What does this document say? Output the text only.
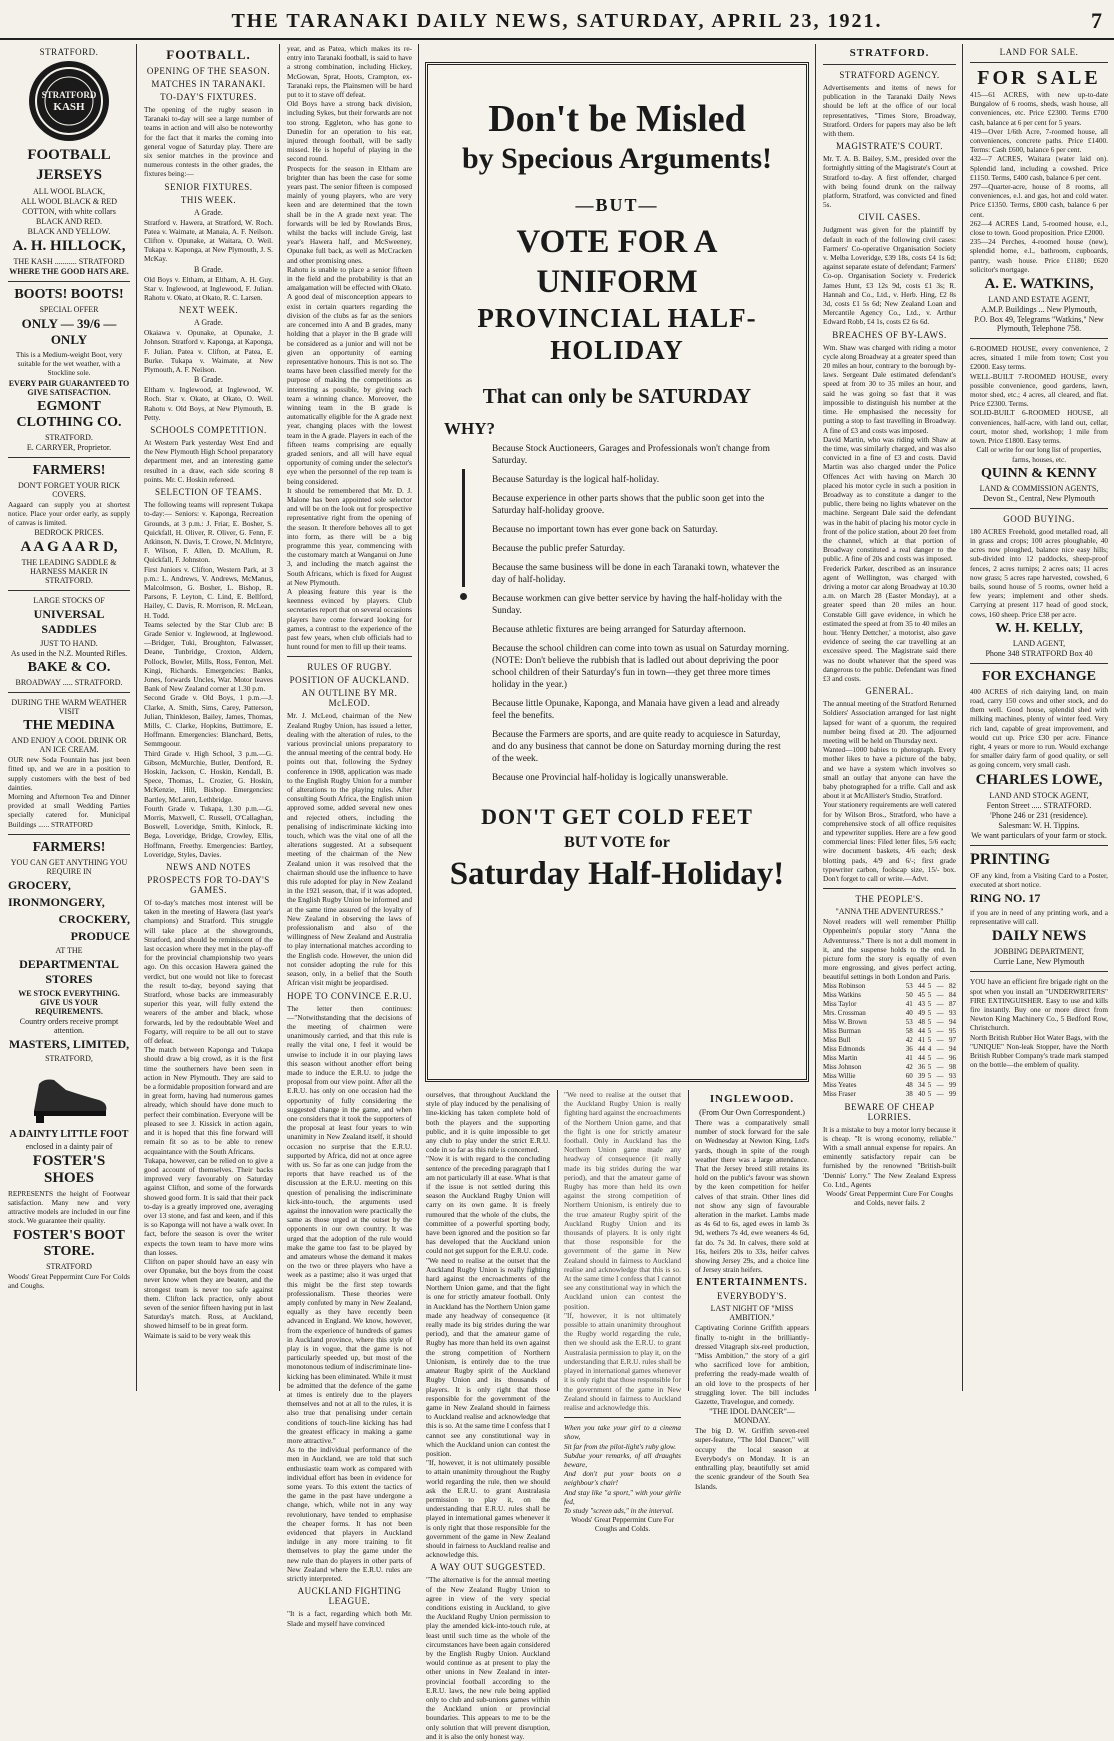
THE TARANAKI DAILY NEWS, SATURDAY, APRIL 23, 1921.	7
STRATFORD.
STRATFORD
KASH
FOOTBALL JERSEYS
ALL WOOL BLACK,
ALL WOOL BLACK & RED
COTTON, with white collars
BLACK AND RED.
BLACK AND YELLOW.
A. H. HILLOCK,
THE KASH ........... STRATFORD
WHERE THE GOOD HATS ARE.
BOOTS! BOOTS!
SPECIAL OFFER
ONLY — 39/6 — ONLY
This is a Medium-weight Boot, very suitable for the wet weather, with a Stockline sole.
EVERY PAIR GUARANTEED TO GIVE SATISFACTION.
EGMONT CLOTHING CO.
STRATFORD.
E. CARRYER, Proprietor.
FARMERS!
DON'T FORGET YOUR RICK COVERS.
Aagaard can supply you at shortest notice. Place your order early, as supply of canvas is limited.
BEDROCK PRICES.
A A G A A R D,
THE LEADING SADDLE & HARNESS MAKER IN STRATFORD.
LARGE STOCKS OF
UNIVERSAL SADDLES
JUST TO HAND.
As used in the N.Z. Mounted Rifles.
BAKE & CO.
BROADWAY ..... STRATFORD.
DURING THE WARM WEATHER VISIT
THE MEDINA
AND ENJOY A COOL DRINK OR AN ICE CREAM.
OUR new Soda Fountain has just been fitted up, and we are in a position to supply customers with the best of bed dainties.
Morning and Afternoon Tea and Dinner provided at small Wedding Parties specially catered for. Municipal Buildings ...... STRATFORD
FARMERS!
YOU CAN GET ANYTHING YOU REQUIRE IN
GROCERY,
IRONMONGERY,
CROCKERY,
PRODUCE
AT THE
DEPARTMENTAL STORES
WE STOCK EVERYTHING. GIVE US YOUR REQUIREMENTS.
Country orders receive prompt attention.
MASTERS, LIMITED,
STRATFORD,
A DAINTY LITTLE FOOT
enclosed in a dainty pair of
FOSTER'S SHOES
REPRESENTS the height of Footwear satisfaction. Many new and very attractive models are included in our fine stock. We guarantee their quality.
FOSTER'S BOOT STORE.
STRATFORD
Woods' Great Peppermint Cure For Colds and Coughs.
FOOTBALL.
OPENING OF THE SEASON.
MATCHES IN TARANAKI.
TO-DAY'S FIXTURES.
The opening of the rugby season in Taranaki to-day will see a large number of teams in action and will also be noteworthy for the fact that it marks the coming into general vogue of Saturday play. There are six senior matches in the province and numerous contests in the other grades, the fixtures being:—
SENIOR FIXTURES.
THIS WEEK.
A Grade.
Stratford v. Hawera, at Stratford, W. Roch. Patea v. Waimate, at Manaia, A. F. Neilson. Clifton v. Opunake, at Waitara, O. Weil. Tukapa v. Kaponga, at New Plymouth, J. S. McKay.
B Grade.
Old Boys v. Eltham, at Eltham, A. H. Guy. Star v. Inglewood, at Inglewood, F. Julian. Rahotu v. Okato, at Okato, R. C. Larsen.
NEXT WEEK.
A Grade.
Okaiawa v. Opunake, at Opunake, J. Johnson. Stratford v. Kaponga, at Kaponga, F. Julian. Patea v. Clifton, at Patea, E. Burke. Tukapa v. Waimate, at New Plymouth, A. F. Neilson.
B Grade.
Eltham v. Inglewood, at Inglewood, W. Roch. Star v. Okato, at Okato, O. Weil. Rahotu v. Old Boys, at New Plymouth, B. Petty.
SCHOOLS COMPETITION.
At Western Park yesterday West End and the New Plymouth High School preparatory department met, and an interesting game resulted in a draw, each side scoring 8 points. Mr. C. Hoskin refereed.
SELECTION OF TEAMS.
The following teams will represent Tukapa to-day:— Seniors: v. Kaponga, Recreation Grounds, at 3 p.m.: J. Friar, E. Bosher, S. Quickfall, H. Oliver, R. Oliver, G. Fenn, F. Atkinson, N. Davis, T. Crowe, N. McIntyre, F. Wilson, F. Allen, D. McAllum, R. Quickfall, F. Johnston.
First Juniors v. Clifton, Western Park, at 3 p.m.: L. Andrews, V. Andrews, McManus, Malcolmson, G. Bosher, L. Bishop, R. Parsons, F. Leyton, C. Lind, E. Bellford, Hailey, C. Davis, R. Morrison, R. McLean, H. Todd.
Teams selected by the Star Club are: B Grade Senior v. Inglewood, at Inglewood.—Bridger, Tuki, Broughton, Falwasser, Deane, Tunbridge, Croxton, Aldern, Pollock, Bowler, Mills, Ross, Fenton, Mel. Kingi, Richards. Emergencies: Banks, Jones, forwards Uncles, War. Motor leaves Bank of New Zealand corner at 1.30 p.m.
Second Grade v. Old Boys, 1 p.m.—J. Clarke, A. Smith, Sims, Carey, Patterson, Julian, Thinkleson, Bailey, James, Thomas, Mills, C. Clarke, Hopkins, Buttimore, E. Hoffmann. Emergencies: Blanchard, Betts, Semmgoour.
Third Grade v. High School, 3 p.m.—G. Gibson, McMurchie, Butler, Dentford, R. Hoskin, Jackson, C. Hoskin, Kendall, B. Spece, Thomas, L. Crozier, G. Hoskin, McKenzie, Hill, Bishop. Emergencies: Bartley, McLaren, Lethbridge.
Fourth Grade v. Tukapa, 1.30 p.m.—G. Morris, Maxwell, C. Russell, O'Callaghan, Boswell, Loveridge, Smith, Kinlock, R. Bega, Loveridge, Bridge, Crowley, Ellis, Hoffmann, Freethy. Emergencies: Bartley, Loveridge, Styles, Davies.
NEWS AND NOTES
PROSPECTS FOR TO-DAY'S GAMES.
Of to-day's matches most interest will be taken in the meeting of Hawera (last year's champions) and Stratford. This struggle will take place at the showgrounds, Stratford, and should be reminiscent of the last occasion where they met in the play-off for the provincial championship two years ago. On this occasion Hawera gained the verdict, but one would not like to forecast the result to-day, beyond saying that Stratford, whose backs are immeasurably superior this year, will fully extend the wearers of the amber and black, whose forwards, led by the redoubtable Weel and Fogarty, will require to be all out to stave off defeat.
The match between Kaponga and Tukapa should draw a big crowd, as it is the first time the southerners have been seen in action in New Plymouth. They are said to be a formidable proposition forward and are in great form, having had numerous games already, which should have done much to perfect their combination. Everyone will be pleased to see J. Kissick in action again, and it is hoped that this fine forward will remain fit so as to be able to renew acquaintance with the South Africans.
Tukapa, however, can be relied on to give a good account of themselves. Their backs improved very favourably on Saturday against Clifton, and some of the forwards showed good form. It is said that their pack to-day is a greatly improved one, averaging over 13 stone, and fast and keen, and if this is so Kaponga will not have a walk over. In fact, before the season is over the writer expects the town team to have more wins than losses.
Clifton on paper should have an easy win over Opunake, but the boys from the coast never know when they are beaten, and the strongest team is never too safe against them. Clifton lack practice, only about seven of the senior fifteen having put in last Saturday's match. Ross, at Auckland, showed himself to be in great form.
Waimate is said to be very weak this
year, and as Patea, which makes its re-entry into Taranaki football, is said to have a strong combination, including Hickey, McGowan, Sprat, Hoots, Crampton, ex-Taranaki reps, the Plainsmen will be hard put to it to stave off defeat.
Old Boys have a strong back division, including Sykes, but their forwards are not too strong. Eggleton, who has gone to Dunedin for an operation to his ear, injured through football, will be sadly missed. He is hopeful of playing in the second round.
Prospects for the season in Eltham are brighter than has been the case for some years past. The senior fifteen is composed mainly of young players, who are very keen and are determined that the town shall be in the A grade next year. The forwards will be led by Rowlands Bros, whilst the backs will include Greig, last year's Hawera half, and McSweeney, Opunake full back, as well as McCracken and other promising ones.
Rahotu is unable to place a senior fifteen in the field and the probability is that an amalgamation will be effected with Okato.
A good deal of misconception appears to exist in certain quarters regarding the division of the clubs as far as the seniors are concerned into A and B grades, many holding that a player in the B grade will be considered as a junior and will not be given an opportunity of earning representative honours. This is not so. The teams have been classified merely for the purpose of making the competitions as interesting as possible, by giving each team a winning chance. Moreover, the winning team in the B grade is automatically eligible for the A grade next year, changing places with the lowest team in the A grade. Players in each of the fifteen teams comprising are equally graded seniors, and all will have equal opportunity of coming under the selector's eye when the personnel of the rep team is being considered.
It should be remembered that Mr. D. J. Malone has been appointed sole selector and will be on the look out for prospective representative right from the opening of the season. It therefore behoves all to get into form, as there will be a big programme this year, commencing with the customary match at Wanganui on June 3, and including the match against the South Africans, which is fixed for August at New Plymouth.
A pleasing feature this year is the keenness evinced by players. Club secretaries report that on several occasions players have come forward looking for games, a contrast to the experience of the past few years, when club officials had to hunt round for men to fill up their teams.
RULES OF RUGBY.
POSITION OF AUCKLAND.
AN OUTLINE BY MR. McLEOD.
Mr. J. McLeod, chairman of the New Zealand Rugby Union, has issued a letter, dealing with the alteration of rules, to the various provincial unions preparatory to the annual meeting of the central body. He points out that, following the Sydney conference in 1908, application was made to the English Rugby Union for a number of alterations to the playing rules. After consulting South Africa, the English union approved some, added several new ones and rejected others, including the penalising of indiscriminate kicking into touch, which was the vital one of all the alterations suggested. At a subsequent meeting of the chairman of the New Zealand union it was resolved that the chairman should use the influence to have this rule adopted for play in New Zealand in the 1921 season, that, if it was adopted, the English Rugby Union be informed and at the same time assured of the loyalty of New Zealand in observing the laws of professionalism and also of the willingness of New Zealand and Australia to play international matches according to the English code. However, the union did not consider adopting the rule for this season, only, in a belief that the South African visit might be jeopardised.
HOPE TO CONVINCE E.R.U.
The letter then continues:—"Notwithstanding that the decisions of the meeting of chairmen were unanimously carried, and that this rule is really the vital one, I feel it would be unwise to include it in our playing laws this season without another effort being made to induce the E.R.U. to judge the proposal from our view point. After all the E.R.U. has only on one occasion had the opportunity of fully considering the suggested change in the game, and when one considers that it took the supporters of the proposal at least four years to win unanimity in New Zealand itself, it should occasion no surprise that the E.R.U. supported by Africa, did not at once agree with us. So far as one can judge from the reports that have reached us of the discussion at the E.R.U. meeting on this question of penalising the indiscriminate kick-into-touch, the arguments used against the innovation were practically the same as those urged at the outset by the opponents in our own country. It was urged that the adoption of the rule would make the game too fast to be played by and amateurs whose the demand it makes on the two or three players who have a week as a pastime; also it was urged that this might be the first step towards professionalism. These theories were amply confuted by many in New Zealand, equally as they have recently been advanced in England. We know, however, from the experience of hundreds of games in Auckland province, where this style of play is in vogue, that the game is not particularly speeded up, but most of the monotonous tedium of indiscriminate line-kicking has been eliminated. While it must be admitted that the defence of the game at times is entirely due to the players themselves and not at all to the rules, it is also true that penalising under certain conditions of touch-line kicking has had the greatest efficacy in making a game more attractive."
As to the individual performance of the men in Auckland, we are told that such enthusiastic team work as compared with individual effort has been in evidence for some years. To this extent the tactics of the game in the past have undergone a change, which, while not in any way revolutionary, have tended to emphasise the cheaper forms. It has not been evidenced that players in Auckland indulge in any more training to fit themselves to play the game under the new rule than do players in other parts of New Zealand where the E.R.U. rules are strictly interpreted.
AUCKLAND FIGHTING LEAGUE.
"It is a fact, regarding which both Mr. Slade and myself have convinced
Don't be Misled
by Specious Arguments!
—BUT—
VOTE FOR A UNIFORM
PROVINCIAL HALF-HOLIDAY
That can only be SATURDAY
WHY?
Because Stock Auctioneers, Garages and Professionals won't change from Saturday.
Because Saturday is the logical half-holiday.
Because experience in other parts shows that the public soon get into the Saturday half-holiday groove.
Because no important town has ever gone back on Saturday.
Because the public prefer Saturday.
Because the same business will be done in each Taranaki town, whatever the day of half-holiday.
Because workmen can give better service by having the half-holiday with the Sunday.
Because athletic fixtures are being arranged for Saturday afternoon.
Because the school children can come into town as usual on Saturday morning. (NOTE: Don't believe the rubbish that is ladled out about depriving the poor school children of their Saturday's fun in town—they get three more times holiday in the year.)
Because little Opunake, Kaponga, and Manaia have given a lead and already feel the benefits.
Because the Farmers are sports, and are quite ready to acquiesce in Saturday, and do any business that cannot be done on Saturday morning during the rest of the week.
Because one Provincial half-holiday is logically unanswerable.
DON'T GET COLD FEET
BUT VOTE for
Saturday Half-Holiday!
ourselves, that throughout Auckland the style of play induced by the penalising of line-kicking has taken complete hold of both the players and the supporting public, and it is quite impossible to get any club to play under the strict E.R.U. code in so far as this rule is concerned.
"Now it is with regard to the concluding sentence of the preceding paragraph that I am not particularly ill at ease. What is that if the issue is not settled during this season the Auckland Rugby Union will carry on its own game. It is freely rumoured that the whole of the clubs, the committee of a powerful sporting body, have been ignored and the position so far has developed that the Auckland union could not get support for the E.R.U. code.
"We need to realise at the outset that the Auckland Rugby Union is really fighting hard against the encroachments of the Northern Union game, and that the fight is one for strictly amateur football. Only in Auckland has the Northern Union game made any headway of consequence (it really made its big strides during the war period), and that the amateur game of Rugby has more than held its own against the strong competition of Northern Unionism, is entirely due to the true amateur Rugby spirit of the Auckland Rugby Union and its thousands of players. It is only right that those responsible for the government of the game in New Zealand should in fairness to Auckland realise and acknowledge that this is so. At the same time I confess that I cannot see any constitutional way in which the Auckland union can contest the position.
"If, however, it is not ultimately possible to attain unanimity throughout the Rugby world regarding the rule, then we should ask the E.R.U. to grant Australasia permission to play it, on the understanding that E.R.U. rules shall be played in international games whenever it is only right that those responsible for the government of the game in New Zealand should in fairness to Auckland realise and acknowledge this.
A WAY OUT SUGGESTED.
"The alternative is for the annual meeting of the New Zealand Rugby Union to agree in view of the very special conditions existing in Auckland, to give the Auckland Rugby Union permission to play the amended kick-into-touch rule, at least until such time as the whole of the circumstances have been again considered by the English Rugby Union. Auckland would continue as at present to play the other unions in New Zealand in inter-provincial football according to the E.R.U. laws, the new rule being applied only to club and sub-unions games within the Auckland union or provincial boundaries. This appears to me to be the only solution that will prevent disruption, and it is also the only honest way.
"We need to realise at the outset that the Auckland Rugby Union is really fighting hard against the encroachments of the Northern Union game, and that the fight is one for strictly amateur football. Only in Auckland has the Northern Union game made any headway of consequence (it really made its big strides during the war period), and that the amateur game of Rugby has more than held its own against the strong competition of Northern Unionism, is entirely due to the true amateur Rugby spirit of the Auckland Rugby Union and its thousands of players. It is only right that those responsible for the government of the game in New Zealand should in fairness to Auckland realise and acknowledge that this is so. At the same time I confess that I cannot see any constitutional way in which the Auckland union can contest the position.
"If, however, it is not ultimately possible to attain unanimity throughout the Rugby world regarding the rule, then we should ask the E.R.U. to grant Australasia permission to play it, on the understanding that E.R.U. rules shall be played in international games whenever it is only right that those responsible for the government of the game in New Zealand should in fairness to Auckland realise and acknowledge this.
When you take your girl to a cinema show,
Sit far from the pilot-light's ruby glow.
Subdue your remarks, of all draughts beware,
And don't put your boots on a neighbour's chair!
And stay like "a sport," with your girlie fed,
To study "screen ads," in the interval.
Woods' Great Peppermint Cure For Coughs and Colds.
INGLEWOOD.
(From Our Own Correspondent.)
There was a comparatively small number of stock forward for the sale on Wednesday at Newton King, Ltd's yards, though in spite of the rough weather there was a large attendance. That the Jersey breed still retains its hold on the public's favour was shown by the keen competition for heifer calves of that strain. Other lines did not show any sign of favourable alteration in the market. Lambs made as 4s 6d to 6s, aged ewes in lamb 3s 9d, wethers 7s 4d, ewe weaners 4s 6d, fat do. 7s 3d. In calves, there sold at 16s, heifers 20s to 33s, heifer calves showing Jersey 29s, and a choice line of Jersey strain heifers.
ENTERTAINMENTS.
EVERYBODY'S.
LAST NIGHT OF "MISS AMBITION."
Captivating Corinne Griffith appears finally to-night in the brilliantly-dressed Vitagraph six-reel production, "Miss Ambition," the story of a girl who sacrificed love for ambition, preferring the ready-made wealth of an old love to the prospects of her struggling lover. The bill includes Gazette, Travelogue, and comedy.
"THE IDOL DANCER"—MONDAY.
The big D. W. Griffith seven-reel super-feature, "The Idol Dancer," will occupy the local season at Everybody's on Monday. It is an enthralling play, beautifully set amid the scenic grandeur of the South Sea Islands.
STRATFORD.
STRATFORD AGENCY.
Advertisements and items of news for publication in the Taranaki Daily News should be left at the office of our local representatives, "Times Store, Broadway, Stratford. Orders for papers may also be left with them.
MAGISTRATE'S COURT.
Mr. T. A. B. Bailey, S.M., presided over the fortnightly sitting of the Magistrate's Court at Stratford to-day. A first offender, charged with being found drunk on the railway platform, Stratford, was convicted and fined 5s.
CIVIL CASES.
Judgment was given for the plaintiff by default in each of the following civil cases: Farmers' Co-operative Organisation Society v. Melba Loveridge, £39 18s, costs £4 1s 6d; against separate estate of defendant; Farmers' Co-op. Organisation Society v. Frederick James Hunt, £3 12s 9d, costs £1 3s; R. Hannah and Co., Ltd., v. Herb. Hing, £2 8s 3d, costs £1 5s 6d; New Zealand Loan and Mercantile Agency Co., Ltd., v. Arthur Edward Robb, £4 1s, costs £2 6s 6d.
BREACHES OF BY-LAWS.
Wm. Shaw was charged with riding a motor cycle along Broadway at a greater speed than 20 miles an hour, contrary to the borough by-laws. Sergeant Dale estimated defendant's speed at from 30 to 35 miles an hour, and said he was going so fast that it was impossible to distinguish his number at the time. He emphasised the necessity for putting a stop to fast travelling in Broadway. A fine of £3 and costs was imposed.
David Martin, who was riding with Shaw at the time, was similarly charged, and was also convicted in a fine of £3 and costs. David Martin was also charged under the Police Offences Act with having on March 30 placed his motor cycle in such a position in Broadway as to constitute a danger to the public, there being no lights whatever on the machine. Sergeant Dale said the defendant was in the habit of placing his motor cycle in front of the police station, about 20 feet from the channel, which at that portion of Broadway constituted a real danger to the public. A fine of 20s and costs was imposed.
Frederick Parker, described as an insurance agent of Wellington, was charged with driving a motor car along Broadway at 10.30 a.m. on March 28 (Easter Monday), at a greater speed than 20 miles an hour. Constable Gill gave evidence, in which he estimated the speed at from 35 to 40 miles an hour. 'Henry Dettcher,' a motorist, also gave evidence of seeing the car travelling at an excessive speed. The Magistrate said there was no doubt whatever that the speed was dangerous to the public. Defendant was fined £3 and costs.
GENERAL.
The annual meeting of the Stratford Returned Soldiers' Association arranged for last night lapsed for want of a quorum, the required number being fixed at 20. The adjourned meeting will be held on Thursday next.
Wanted—1000 babies to photograph. Every mother likes to have a picture of the baby, and we have a system which involves so small an outlay that anyone can have the baby photographed for a trifle. Call and ask about it at McAllister's Studio, Stratford.
Your stationery requirements are well catered for by Wilson Bros., Stratford, who have a comprehensive stock of all office requisites and typewriter supplies. Here are a few good commercial lines: Filed letter files, 5/6 each; wire document baskets, 4/6 each; desk blotting pads, 4/9 and 6/-; first grade typewriter carbon, foolscap size, 15/- box. Don't forget to call or write.—Advt.
THE PEOPLE'S.
"ANNA THE ADVENTURESS."
Novel readers will well remember Phillip Oppenheim's popular story "Anna the Adventuress." There is not a dull moment in it, and the suspense holds to the end. In picture form the story is equally of even more engrossing, and gives perfect acting, beautiful settings in both London and Paris.
Miss Robinson	53	44	5	—	82
Miss Watkins	50	45	5	—	84
Miss Taylor	41	43	5	—	87
Mrs. Crossman	40	49	5	—	93
Miss W. Brown	53	48	5	—	94
Miss Burman	58	44	5	—	95
Miss Bull	42	41	5	—	97
Miss Edmonds	36	44	4	—	94
Miss Martin	41	44	5	—	96
Miss Johnson	42	36	5	—	98
Miss Willie	60	39	5	—	93
Miss Yeates	48	34	5	—	99
Miss Fraser	38	40	5	—	99
BEWARE OF CHEAP LORRIES.
It is a mistake to buy a motor lorry because it is cheap. "It is wrong economy, reliable." With a small annual expense for repairs. An eminently satisfactory repair can be furnished by the renowned "British-built 'Dennis' Lorry." The New Zealand Express Co. Ltd., Agents
Woods' Great Peppermint Cure For Coughs and Colds, never fails. 2
LAND FOR SALE.
FOR SALE
415—61 ACRES, with new up-to-date Bungalow of 6 rooms, sheds, wash house, all conveniences, etc. Price £2300. Terms £700 cash, balance at 6 per cent for 5 years.
419—Over 1/6th Acre, 7-roomed house, all conveniences, concrete paths. Price £1400. Terms: Cash £600, balance 6 per cent.
432—7 ACRES, Waitara (water laid on). Splendid land, including a cowshed. Price £1150. Terms, £400 cash, balance 6 per cent.
297—Quarter-acre, house of 8 rooms, all conveniences, e.l. and gas, hot and cold water. Price £1350. Terms, £800 cash, balance 6 per cent.
262—4 ACRES Land, 5-roomed house, e.l., close to town. Good proposition. Price £2000.
235—24 Perches, 4-roomed house (new), splendid home, e.l., bathroom, cupboards, pantry, wash house. Price £1180; £620 solicitor's mortgage.
A. E. WATKINS,
LAND AND ESTATE AGENT,
A.M.P. Buildings ... New Plymouth,
P.O. Box 49, Telegrams "Watkins," New Plymouth, Telephone 758.
6-ROOMED HOUSE, every convenience, 2 acres, situated 1 mile from town; Cost you £2000. Easy terms.
WELL-BUILT 7-ROOMED HOUSE, every possible convenience, good gardens, lawn, motor shed, etc.; 4 acres, all cleared, and flat. Price £2300. Terms.
SOLID-BUILT 6-ROOMED HOUSE, all conveniences, half-acre, with land out, cellar, court, motor shed, workshop; 1 mile from town. Price £1800. Easy terms.
Call or write for our long list of properties, farms, houses, etc.
QUINN & KENNY
LAND & COMMISSION AGENTS,
Devon St., Central, New Plymouth
GOOD BUYING.
180 ACRES Freehold, good metalled road, all in grass and crops; 100 acres ploughable, 40 acres now ploughed, balance nice easy hills; sub-divided into 12 paddocks, sheep-proof fences, 2 acres turnips; 2 acres oats; 11 acres now grass; 5 acres rape harvested, cowshed, 6 bails, sound house of 5 rooms, owner held a few years; implement and other sheds. Carrying at present 117 head of good stock, cows, 160 sheep. Price £38 per acre.
W. H. KELLY,
LAND AGENT,
Phone 348 STRATFORD Box 40
FOR EXCHANGE
400 ACRES of rich dairying land, on main road, carry 150 cows and other stock, and do them well. Good house, splendid shed with milking machines, plenty of winter feed. Very rich land, capable of great improvement, and would cut up. Price £30 per acre. Finance right, 4 years or more to run. Would exchange for smaller dairy farm of good quality, or sell as going concern, very small cash.
CHARLES LOWE,
LAND AND STOCK AGENT,
Fenton Street ..... STRATFORD.
'Phone 246 or 231 (residence).
Salesman: W. H. Tippins.
We want particulars of your farm or stock.
PRINTING
OF any kind, from a Visiting Card to a Poster, executed at short notice.
RING NO. 17
if you are in need of any printing work, and a representative will call.
DAILY NEWS
JOBBING DEPARTMENT,
Currie Lane, New Plymouth
YOU have an efficient fire brigade right on the spot when you install an "UNDERWRITERS" FIRE EXTINGUISHER. Easy to use and kills fire instantly. Buy one or more direct from Newton King Machinery Co., 5 Bedford Row, Christchurch.
North British Rubber Hot Water Bags, with the "UNIQUE" Non-leak Stopper, have the North British Rubber Company's trade mark stamped on the bottle—the emblem of quality.
